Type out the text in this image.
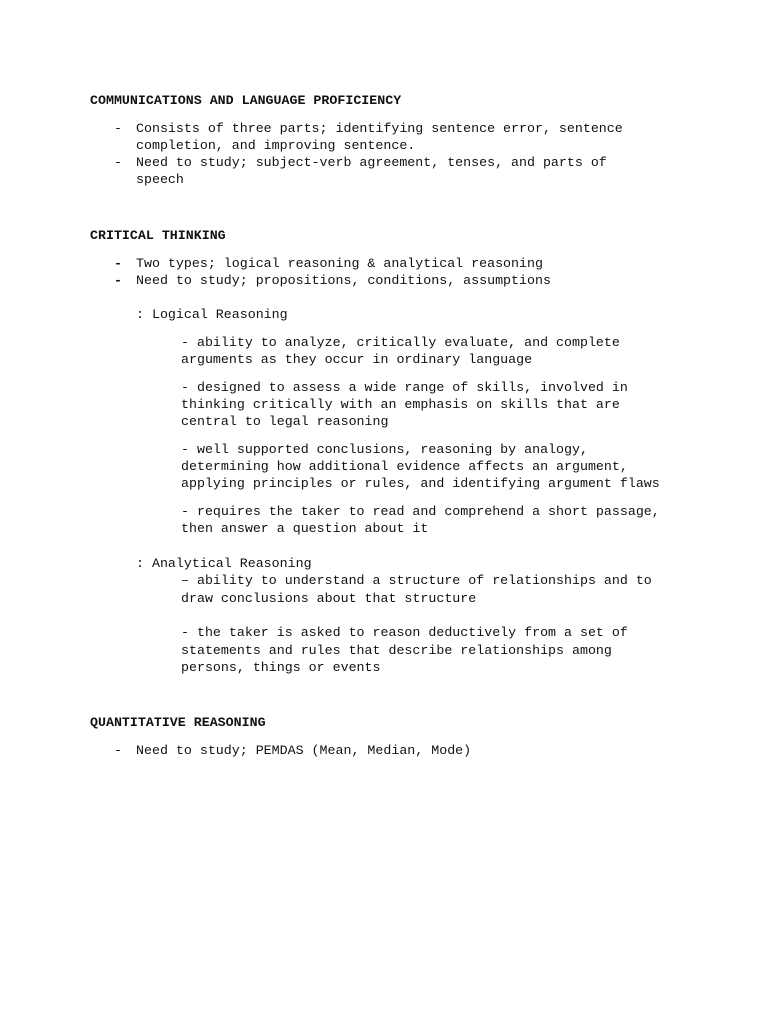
COMMUNICATIONS AND LANGUAGE PROFICIENCY
- Consists of three parts; identifying sentence error, sentence
completion, and improving sentence.
- Need to study; subject-verb agreement, tenses, and parts of
speech
CRITICAL THINKING
- Two types; logical reasoning & analytical reasoning
- Need to study; propositions, conditions, assumptions
: Logical Reasoning
- ability to analyze, critically evaluate, and complete
arguments as they occur in ordinary language
- designed to assess a wide range of skills, involved in
thinking critically with an emphasis on skills that are
central to legal reasoning
- well supported conclusions, reasoning by analogy,
determining how additional evidence affects an argument,
applying principles or rules, and identifying argument flaws
- requires the taker to read and comprehend a short passage,
then answer a question about it
: Analytical Reasoning
– ability to understand a structure of relationships and to
draw conclusions about that structure
- the taker is asked to reason deductively from a set of
statements and rules that describe relationships among
persons, things or events
QUANTITATIVE REASONING
- Need to study; PEMDAS (Mean, Median, Mode)
